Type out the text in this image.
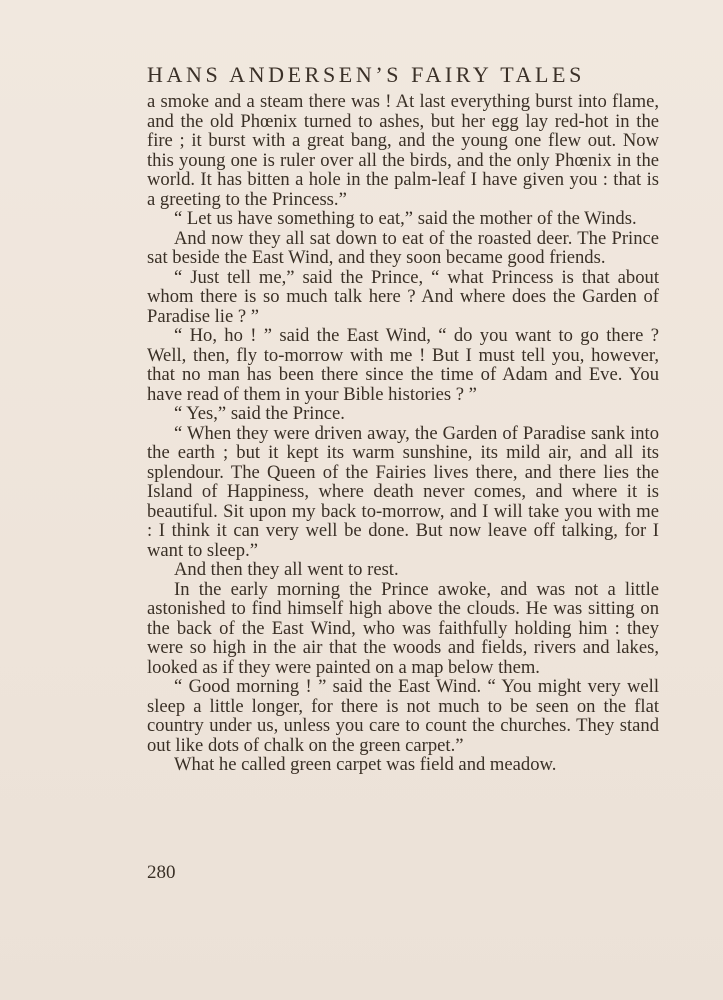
HANS ANDERSEN’S FAIRY TALES

a smoke and a steam there was ! At last everything burst into flame, and the old Phœnix turned to ashes, but her egg lay red-hot in the fire ; it burst with a great bang, and the young one flew out. Now this young one is ruler over all the birds, and the only Phœnix in the world. It has bitten a hole in the palm-leaf I have given you : that is a greeting to the Princess.”

“ Let us have something to eat,” said the mother of the Winds.

And now they all sat down to eat of the roasted deer. The Prince sat beside the East Wind, and they soon became good friends.

“ Just tell me,” said the Prince, “ what Princess is that about whom there is so much talk here ? And where does the Garden of Paradise lie ? ”

“ Ho, ho ! ” said the East Wind, “ do you want to go there ? Well, then, fly to-morrow with me ! But I must tell you, however, that no man has been there since the time of Adam and Eve. You have read of them in your Bible histories ? ”

“ Yes,” said the Prince.

“ When they were driven away, the Garden of Paradise sank into the earth ; but it kept its warm sunshine, its mild air, and all its splendour. The Queen of the Fairies lives there, and there lies the Island of Happiness, where death never comes, and where it is beautiful. Sit upon my back to-morrow, and I will take you with me : I think it can very well be done. But now leave off talking, for I want to sleep.”

And then they all went to rest.

In the early morning the Prince awoke, and was not a little astonished to find himself high above the clouds. He was sitting on the back of the East Wind, who was faithfully holding him : they were so high in the air that the woods and fields, rivers and lakes, looked as if they were painted on a map below them.

“ Good morning ! ” said the East Wind. “ You might very well sleep a little longer, for there is not much to be seen on the flat country under us, unless you care to count the churches. They stand out like dots of chalk on the green carpet.”

What he called green carpet was field and meadow.

280
